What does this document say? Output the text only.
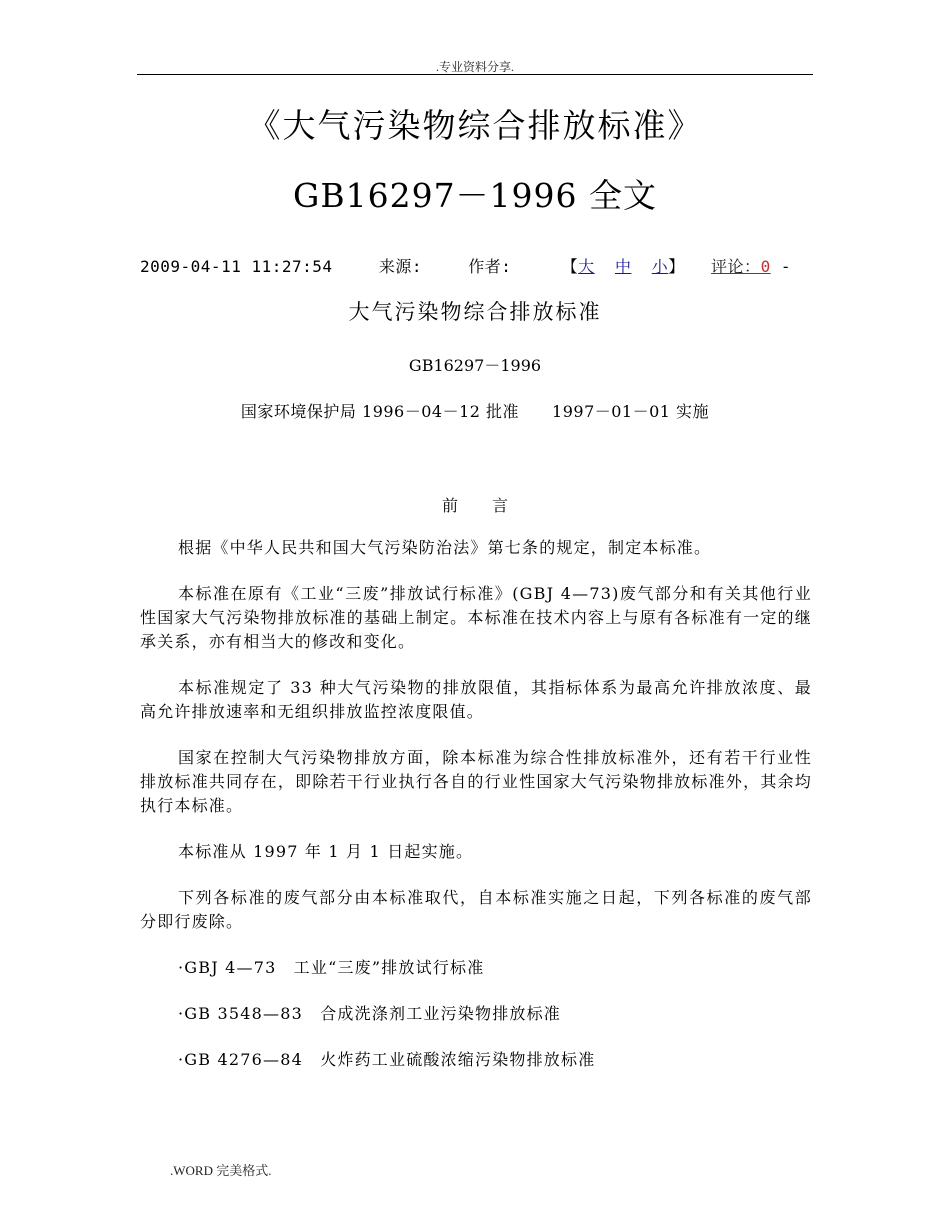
.专业资料分享.
《大气污染物综合排放标准》
GB16297－1996 全文
2009-04-11 11:27:54	来源:	作者:	【大 中 小】 评论：0 -
大气污染物综合排放标准
GB16297－1996
国家环境保护局 1996－04－12 批准　　1997－01－01 实施
前言

根据《中华人民共和国大气污染防治法》第七条的规定，制定本标准。

本标准在原有《工业“三废”排放试行标准》(GBJ 4—73)废气部分和有关其他行业性国家大气污染物排放标准的基础上制定。本标准在技术内容上与原有各标准有一定的继承关系，亦有相当大的修改和变化。

本标准规定了 33 种大气污染物的排放限值，其指标体系为最高允许排放浓度、最高允许排放速率和无组织排放监控浓度限值。

国家在控制大气污染物排放方面，除本标准为综合性排放标准外，还有若干行业性排放标准共同存在，即除若干行业执行各自的行业性国家大气污染物排放标准外，其余均执行本标准。

本标准从 1997 年 1 月 1 日起实施。

下列各标准的废气部分由本标准取代，自本标准实施之日起，下列各标准的废气部分即行废除。

·GBJ 4—73　工业“三废”排放试行标准

·GB 3548—83　合成洗涤剂工业污染物排放标准

·GB 4276—84　火炸药工业硫酸浓缩污染物排放标准

.WORD 完美格式.
